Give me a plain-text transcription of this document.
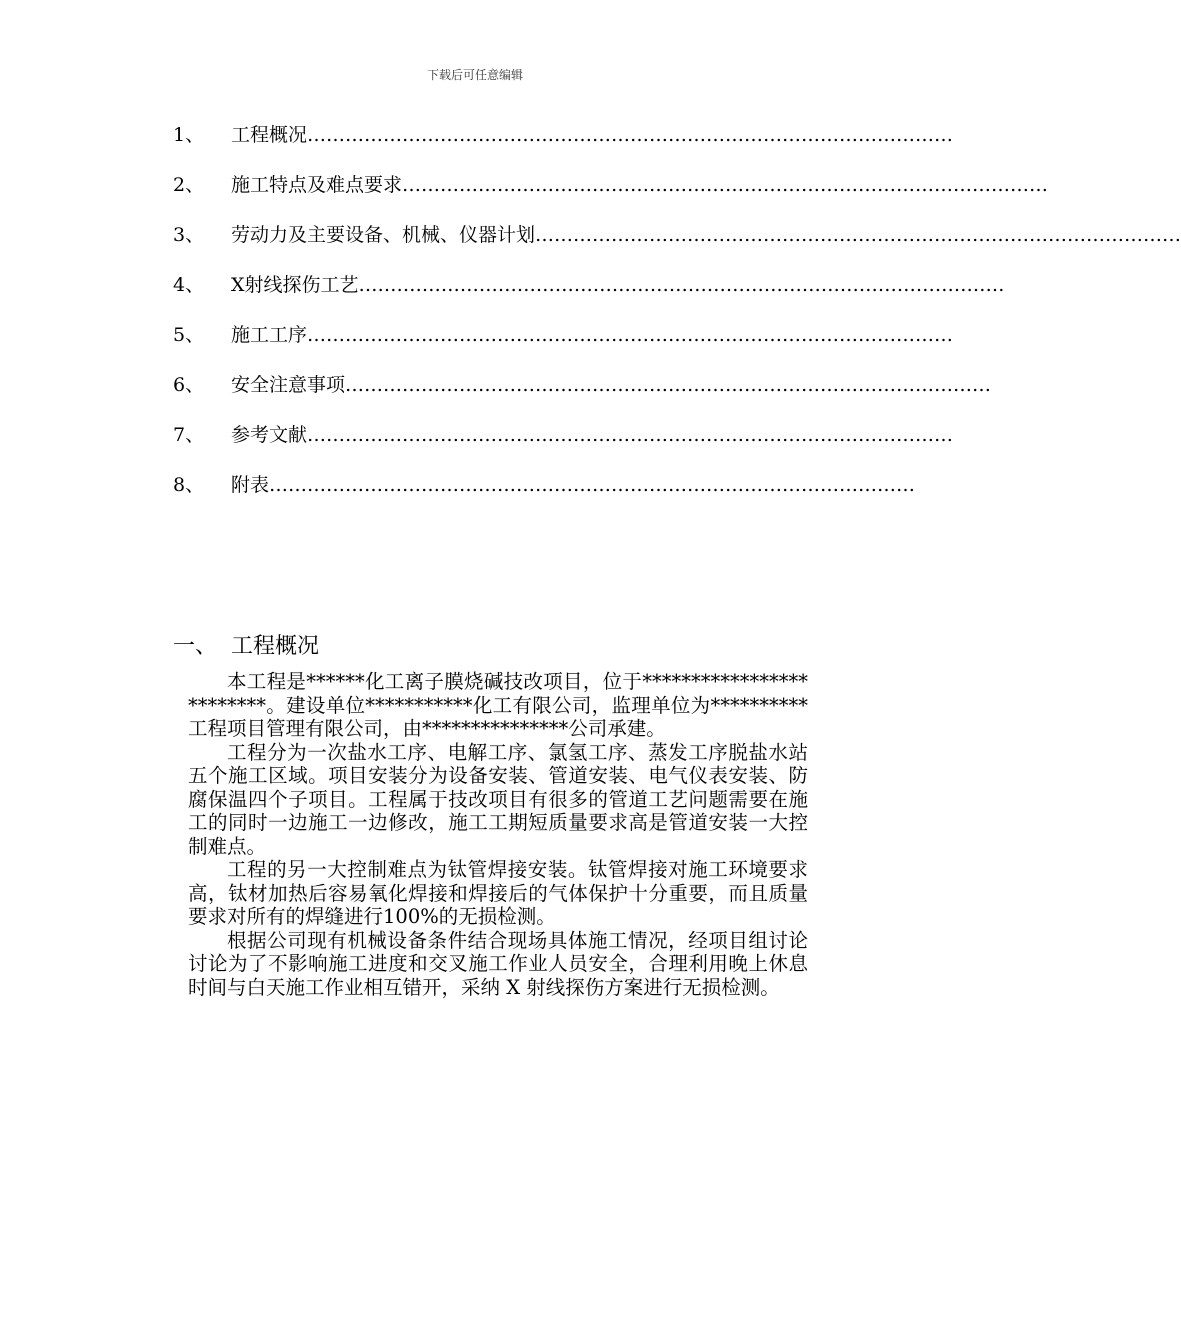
下载后可任意编辑
1、 工程概况…………………………………………………………………………………………
2、 施工特点及难点要求…………………………………………………………………………………………
3、 劳动力及主要设备、机械、仪器计划…………………………………………………………………………………………
4、 X射线探伤工艺…………………………………………………………………………………………
5、 施工工序…………………………………………………………………………………………
6、 安全注意事项…………………………………………………………………………………………
7、 参考文献…………………………………………………………………………………………
8、 附表…………………………………………………………………………………………
一、 工程概况

本工程是******化工离子膜烧碱技改项目，位于*************************。建设单位***********化工有限公司，监理单位为**********工程项目管理有限公司，由***************公司承建。

工程分为一次盐水工序、电解工序、氯氢工序、蒸发工序脱盐水站五个施工区域。项目安装分为设备安装、管道安装、电气仪表安装、防腐保温四个子项目。工程属于技改项目有很多的管道工艺问题需要在施工的同时一边施工一边修改，施工工期短质量要求高是管道安装一大控制难点。

工程的另一大控制难点为钛管焊接安装。钛管焊接对施工环境要求高，钛材加热后容易氧化焊接和焊接后的气体保护十分重要，而且质量要求对所有的焊缝进行100%的无损检测。

根据公司现有机械设备条件结合现场具体施工情况，经项目组讨论讨论为了不影响施工进度和交叉施工作业人员安全，合理利用晚上休息时间与白天施工作业相互错开，采纳 X 射线探伤方案进行无损检测。
